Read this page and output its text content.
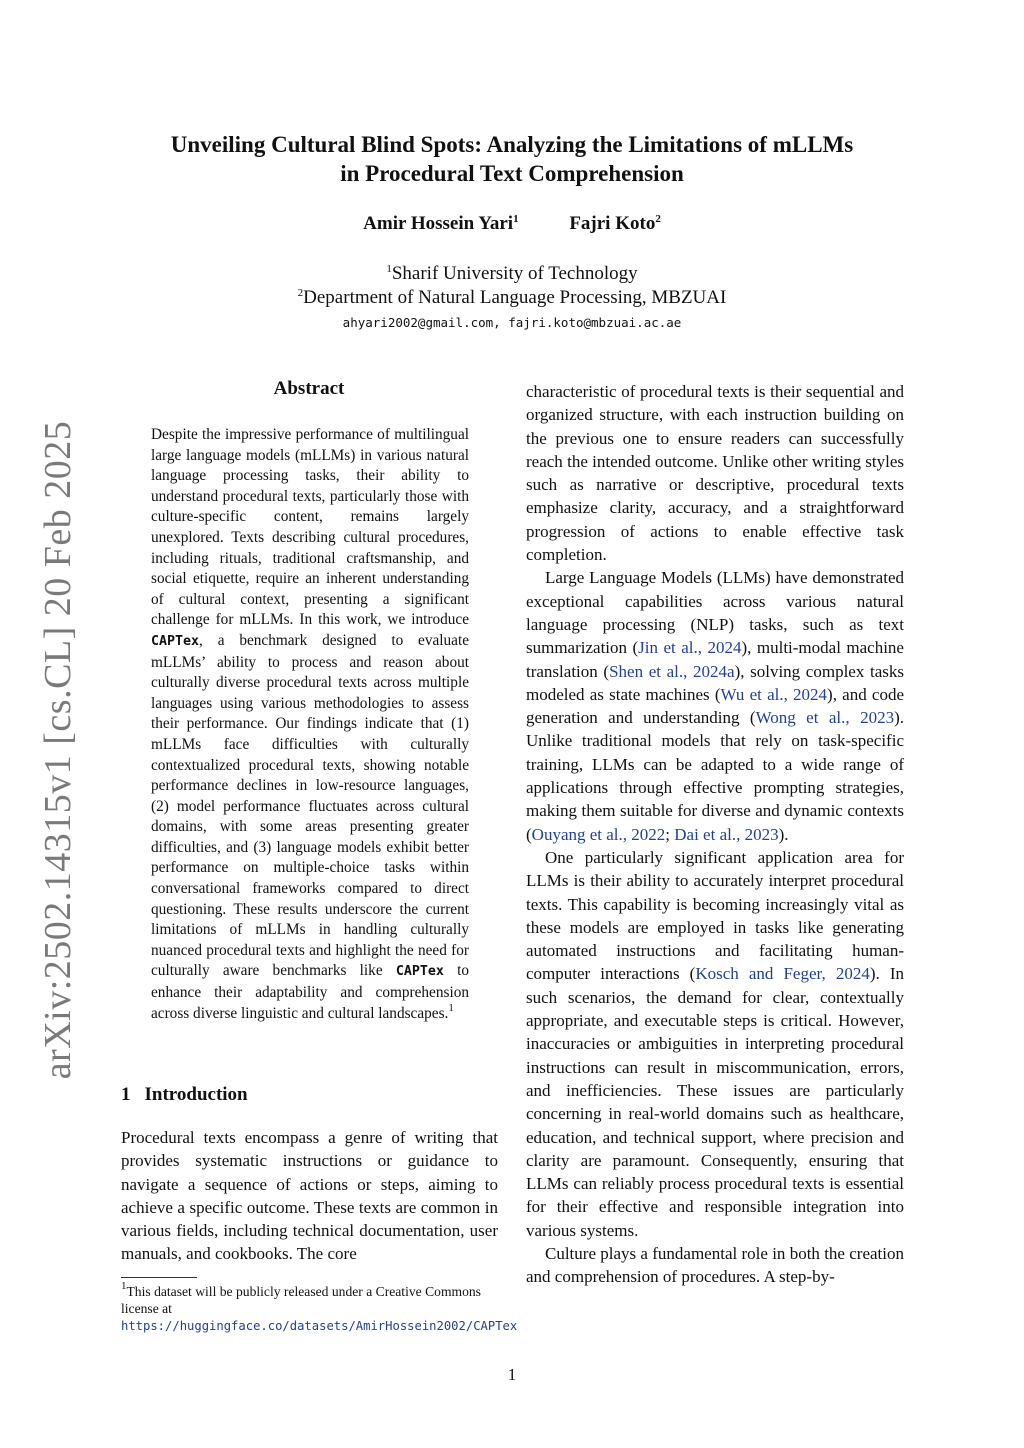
arXiv:2502.14315v1 [cs.CL] 20 Feb 2025
Unveiling Cultural Blind Spots: Analyzing the Limitations of mLLMs
in Procedural Text Comprehension
Amir Hossein Yari$^1$	Fajri Koto$^2$
$^1$Sharif University of Technology
$^2$Department of Natural Language Processing, MBZUAI
ahyari2002@gmail.com, fajri.koto@mbzuai.ac.ae
Abstract

Despite the impressive performance of multilingual large language models (mLLMs) in various natural language processing tasks, their ability to understand procedural texts, particularly those with culture-specific content, remains largely unexplored. Texts describing cultural procedures, including rituals, traditional craftsmanship, and social etiquette, require an inherent understanding of cultural context, presenting a significant challenge for mLLMs. In this work, we introduce CAPTex, a benchmark designed to evaluate mLLMs’ ability to process and reason about culturally diverse procedural texts across multiple languages using various methodologies to assess their performance. Our findings indicate that (1) mLLMs face difficulties with culturally contextualized procedural texts, showing notable performance declines in low-resource languages, (2) model performance fluctuates across cultural domains, with some areas presenting greater difficulties, and (3) language models exhibit better performance on multiple-choice tasks within conversational frameworks compared to direct questioning. These results underscore the current limitations of mLLMs in handling culturally nuanced procedural texts and highlight the need for culturally aware benchmarks like CAPTex to enhance their adaptability and comprehension across diverse linguistic and cultural landscapes.$^1$

1 Introduction

Procedural texts encompass a genre of writing that provides systematic instructions or guidance to navigate a sequence of actions or steps, aiming to achieve a specific outcome. These texts are common in various fields, including technical documentation, user manuals, and cookbooks. The core

$^1$This dataset will be publicly released under a Creative Commons license at https://huggingface.co/datasets/AmirHossein2002/CAPTex

characteristic of procedural texts is their sequential and organized structure, with each instruction building on the previous one to ensure readers can successfully reach the intended outcome. Unlike other writing styles such as narrative or descriptive, procedural texts emphasize clarity, accuracy, and a straightforward progression of actions to enable effective task completion.

Large Language Models (LLMs) have demonstrated exceptional capabilities across various natural language processing (NLP) tasks, such as text summarization (Jin et al., 2024), multi-modal machine translation (Shen et al., 2024a), solving complex tasks modeled as state machines (Wu et al., 2024), and code generation and understanding (Wong et al., 2023). Unlike traditional models that rely on task-specific training, LLMs can be adapted to a wide range of applications through effective prompting strategies, making them suitable for diverse and dynamic contexts (Ouyang et al., 2022; Dai et al., 2023).

One particularly significant application area for LLMs is their ability to accurately interpret procedural texts. This capability is becoming increasingly vital as these models are employed in tasks like generating automated instructions and facilitating human-computer interactions (Kosch and Feger, 2024). In such scenarios, the demand for clear, contextually appropriate, and executable steps is critical. However, inaccuracies or ambiguities in interpreting procedural instructions can result in miscommunication, errors, and inefficiencies. These issues are particularly concerning in real-world domains such as healthcare, education, and technical support, where precision and clarity are paramount. Consequently, ensuring that LLMs can reliably process procedural texts is essential for their effective and responsible integration into various systems.

Culture plays a fundamental role in both the creation and comprehension of procedures. A step-by-

1
